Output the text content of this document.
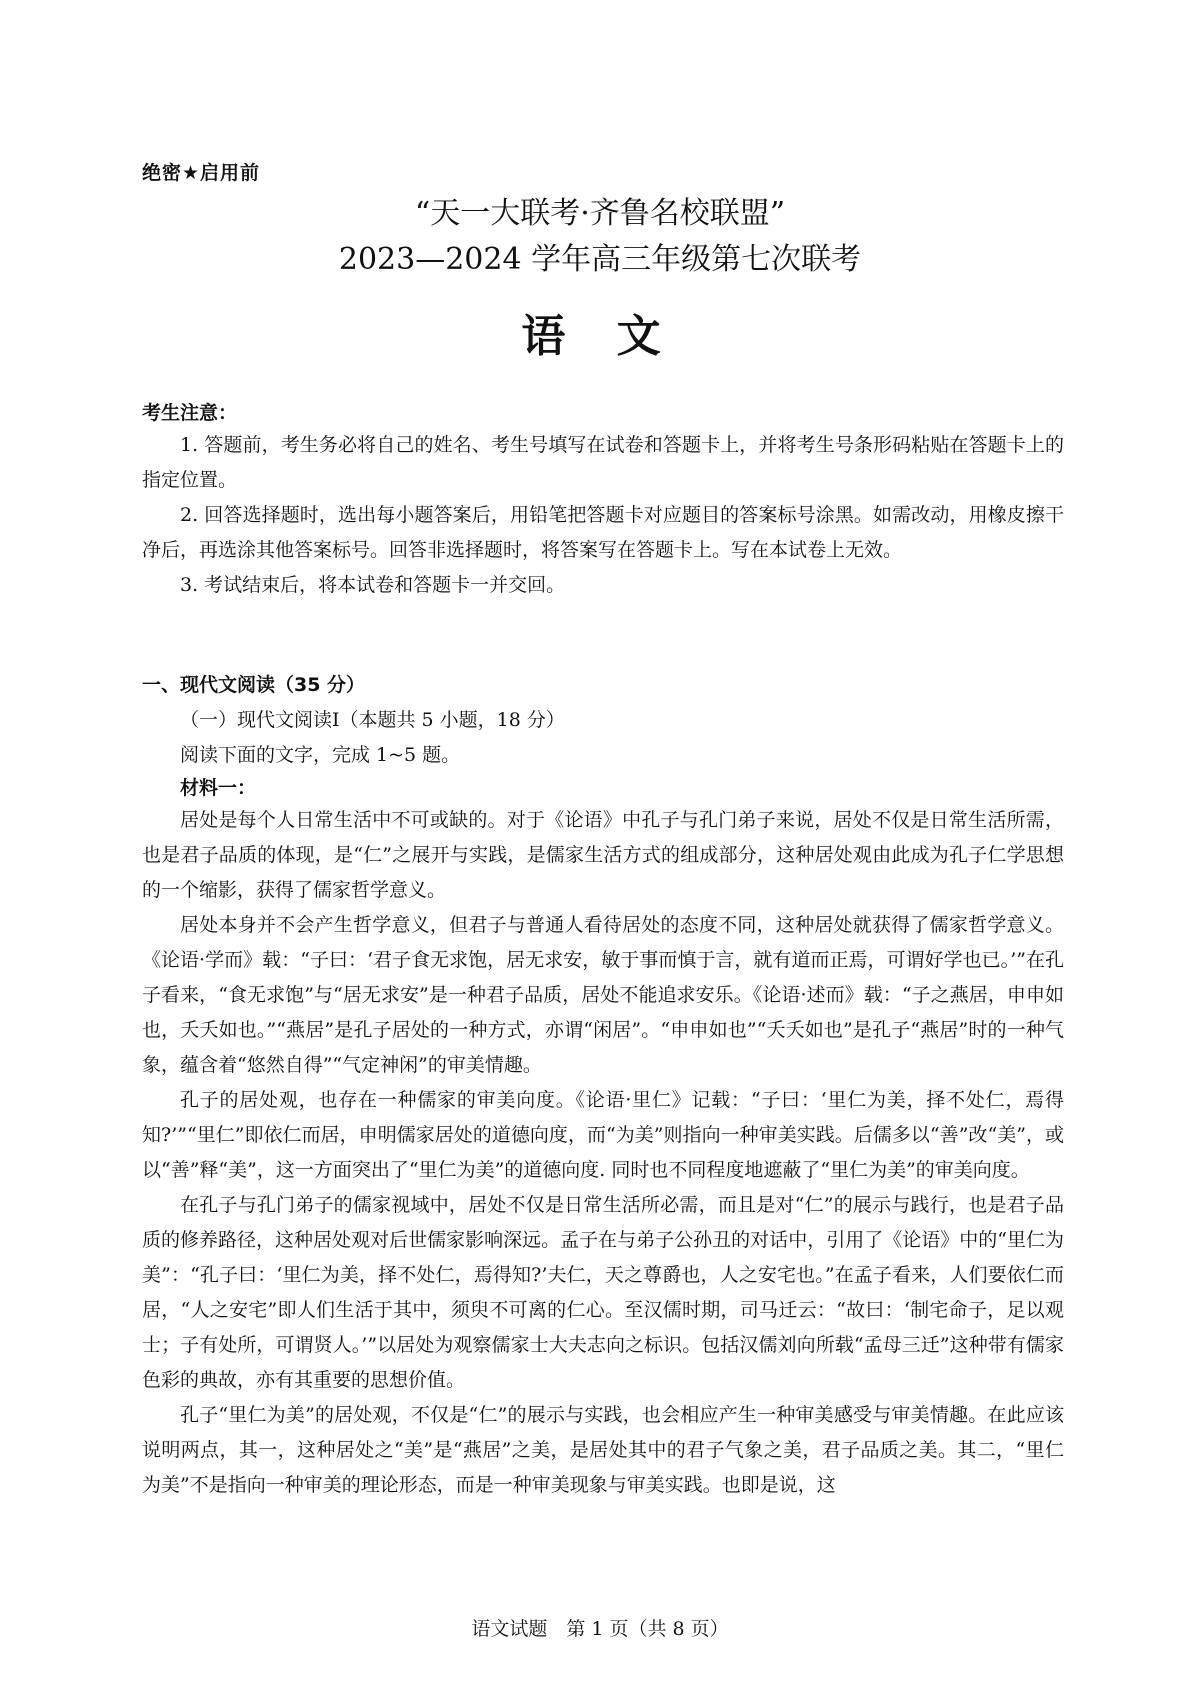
绝密★启用前
“天一大联考·齐鲁名校联盟”
2023—2024 学年高三年级第七次联考
语 文
考生注意：

1. 答题前，考生务必将自己的姓名、考生号填写在试卷和答题卡上，并将考生号条形码粘贴在答题卡上的指定位置。

2. 回答选择题时，选出每小题答案后，用铅笔把答题卡对应题目的答案标号涂黑。如需改动，用橡皮擦干净后，再选涂其他答案标号。回答非选择题时，将答案写在答题卡上。写在本试卷上无效。

3. 考试结束后，将本试卷和答题卡一并交回。

一、现代文阅读（35 分）
（一）现代文阅读Ⅰ（本题共 5 小题，18 分）
阅读下面的文字，完成 1~5 题。
材料一：

居处是每个人日常生活中不可或缺的。对于《论语》中孔子与孔门弟子来说，居处不仅是日常生活所需，也是君子品质的体现，是“仁”之展开与实践，是儒家生活方式的组成部分，这种居处观由此成为孔子仁学思想的一个缩影，获得了儒家哲学意义。

居处本身并不会产生哲学意义，但君子与普通人看待居处的态度不同，这种居处就获得了儒家哲学意义。《论语·学而》载：“子曰：‘君子食无求饱，居无求安，敏于事而慎于言，就有道而正焉，可谓好学也已。’”在孔子看来，“食无求饱”与“居无求安”是一种君子品质，居处不能追求安乐。《论语·述而》载：“子之燕居，申申如也，夭夭如也。”“燕居”是孔子居处的一种方式，亦谓“闲居”。“申申如也”“夭夭如也”是孔子“燕居”时的一种气象，蕴含着“悠然自得”“气定神闲”的审美情趣。

孔子的居处观，也存在一种儒家的审美向度。《论语·里仁》记载：“子曰：‘里仁为美，择不处仁，焉得知?’”“里仁”即依仁而居，申明儒家居处的道德向度，而“为美”则指向一种审美实践。后儒多以“善”改“美”，或以“善”释“美”，这一方面突出了“里仁为美”的道德向度. 同时也不同程度地遮蔽了“里仁为美”的审美向度。

在孔子与孔门弟子的儒家视域中，居处不仅是日常生活所必需，而且是对“仁”的展示与践行，也是君子品质的修养路径，这种居处观对后世儒家影响深远。孟子在与弟子公孙丑的对话中，引用了《论语》中的“里仁为美”：“孔子曰：‘里仁为美，择不处仁，焉得知?’夫仁，天之尊爵也，人之安宅也。”在孟子看来，人们要依仁而居，“人之安宅”即人们生活于其中，须臾不可离的仁心。至汉儒时期，司马迁云：“故曰：‘制宅命子，足以观士；子有处所，可谓贤人。’”以居处为观察儒家士大夫志向之标识。包括汉儒刘向所载“孟母三迁”这种带有儒家色彩的典故，亦有其重要的思想价值。

孔子“里仁为美”的居处观，不仅是“仁”的展示与实践，也会相应产生一种审美感受与审美情趣。在此应该说明两点，其一，这种居处之“美”是“燕居”之美，是居处其中的君子气象之美，君子品质之美。其二，“里仁为美”不是指向一种审美的理论形态，而是一种审美现象与审美实践。也即是说，这

语文试题　第 1 页（共 8 页）
